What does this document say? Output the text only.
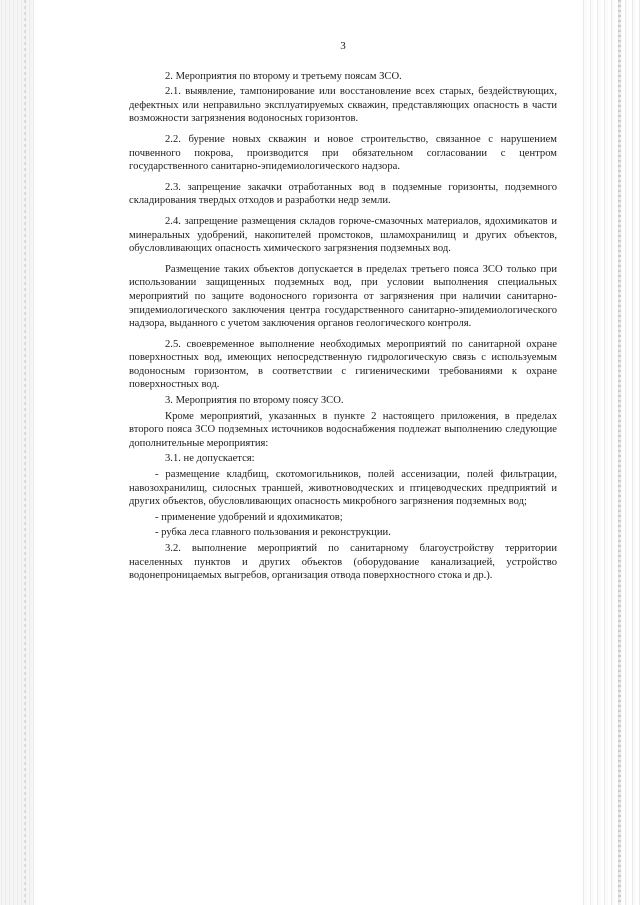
3

2. Мероприятия по второму и третьему поясам ЗСО.

2.1. выявление, тампонирование или восстановление всех старых, бездействующих, дефектных или неправильно эксплуатируемых скважин, представляющих опасность в части возможности загрязнения водоносных горизонтов.

2.2. бурение новых скважин и новое строительство, связанное с нарушением почвенного покрова, производится при обязательном согласовании с центром государственного санитарно-эпидемиологического надзора.

2.3. запрещение закачки отработанных вод в подземные горизонты, подземного складирования твердых отходов и разработки недр земли.

2.4. запрещение размещения складов горюче-смазочных материалов, ядохимикатов и минеральных удобрений, накопителей промстоков, шламохранилищ и других объектов, обусловливающих опасность химического загрязнения подземных вод.

Размещение таких объектов допускается в пределах третьего пояса ЗСО только при использовании защищенных подземных вод, при условии выполнения специальных мероприятий по защите водоносного горизонта от загрязнения при наличии санитарно-эпидемиологического заключения центра государственного санитарно-эпидемиологического надзора, выданного с учетом заключения органов геологического контроля.

2.5. своевременное выполнение необходимых мероприятий по санитарной охране поверхностных вод, имеющих непосредственную гидрологическую связь с используемым водоносным горизонтом, в соответствии с гигиеническими требованиями к охране поверхностных вод.

3. Мероприятия по второму поясу ЗСО.

Кроме мероприятий, указанных в пункте 2 настоящего приложения, в пределах второго пояса ЗСО подземных источников водоснабжения подлежат выполнению следующие дополнительные мероприятия:

3.1. не допускается:

- размещение кладбищ, скотомогильников, полей ассенизации, полей фильтрации, навозохранилищ, силосных траншей, животноводческих и птицеводческих предприятий и других объектов, обусловливающих опасность микробного загрязнения подземных вод;

- применение удобрений и ядохимикатов;

- рубка леса главного пользования и реконструкции.

3.2. выполнение мероприятий по санитарному благоустройству территории населенных пунктов и других объектов (оборудование канализацией, устройство водонепроницаемых выгребов, организация отвода поверхностного стока и др.).
